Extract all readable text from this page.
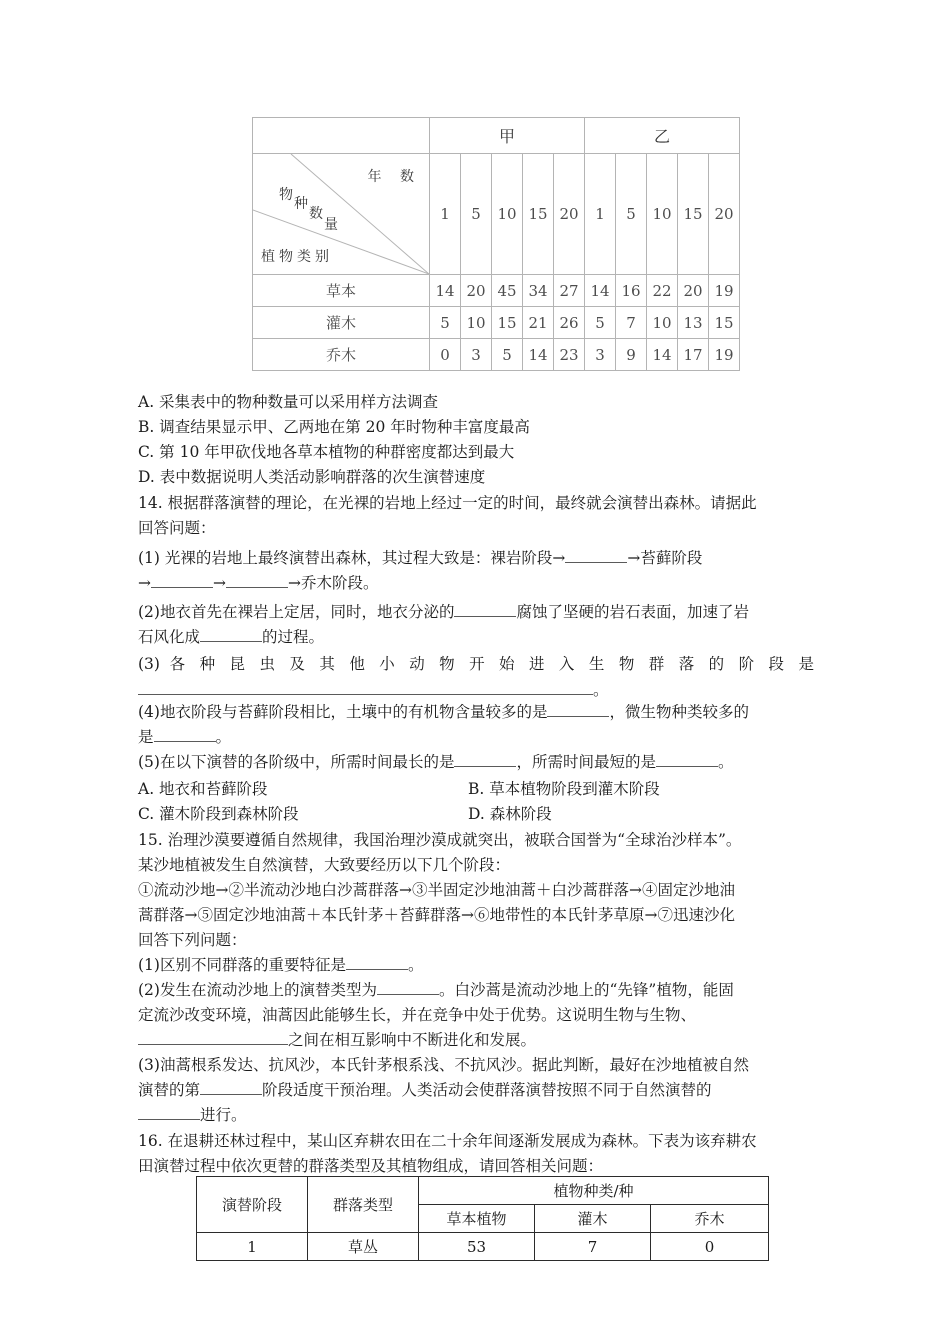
	甲					乙				

年 数
物种数量
植物类别	1	5	10	15	20	1	5	10	15	20
草本	14	20	45	34	27	14	16	22	20	19
灌木	5	10	15	21	26	5	7	10	13	15
乔木	0	3	5	14	23	3	9	14	17	19
A. 采集表中的物种数量可以采用样方法调查
B. 调查结果显示甲、乙两地在第 20 年时物种丰富度最高
C. 第 10 年甲砍伐地各草本植物的种群密度都达到最大
D. 表中数据说明人类活动影响群落的次生演替速度
14. 根据群落演替的理论，在光裸的岩地上经过一定的时间，最终就会演替出森林。请据此
回答问题：
(1) 光裸的岩地上最终演替出森林，其过程大致是：裸岩阶段→	→苔藓阶段
→	→	→乔木阶段。
(2)地衣首先在裸岩上定居，同时，地衣分泌的	腐蚀了坚硬的岩石表面，加速了岩
石风化成	的过程。
(3) 各 种 昆 虫 及 其 他 小 动 物 开 始 进 入 生 物 群 落 的 阶 段 是
。
(4)地衣阶段与苔藓阶段相比，土壤中的有机物含量较多的是	，微生物种类较多的
是	。
(5)在以下演替的各阶级中，所需时间最长的是	，所需时间最短的是	。
A. 地衣和苔藓阶段	B. 草本植物阶段到灌木阶段
C. 灌木阶段到森林阶段	D. 森林阶段
15. 治理沙漠要遵循自然规律，我国治理沙漠成就突出，被联合国誉为“全球治沙样本”。
某沙地植被发生自然演替，大致要经历以下几个阶段：
①流动沙地→②半流动沙地白沙蒿群落→③半固定沙地油蒿＋白沙蒿群落→④固定沙地油
蒿群落→⑤固定沙地油蒿＋本氏针茅＋苔藓群落→⑥地带性的本氏针茅草原→⑦迅速沙化
回答下列问题：
(1)区别不同群落的重要特征是	。
(2)发生在流动沙地上的演替类型为	。白沙蒿是流动沙地上的“先锋”植物，能固
定流沙改变环境，油蒿因此能够生长，并在竞争中处于优势。这说明生物与生物、
之间在相互影响中不断进化和发展。
(3)油蒿根系发达、抗风沙，本氏针茅根系浅、不抗风沙。据此判断，最好在沙地植被自然
演替的第	阶段适度干预治理。人类活动会使群落演替按照不同于自然演替的
进行。
16. 在退耕还林过程中，某山区弃耕农田在二十余年间逐渐发展成为森林。下表为该弃耕农
田演替过程中依次更替的群落类型及其植物组成，请回答相关问题：
演替阶段	群落类型	植物种类/种		
		草本植物	灌木	乔木
1	草丛	53	7	0
